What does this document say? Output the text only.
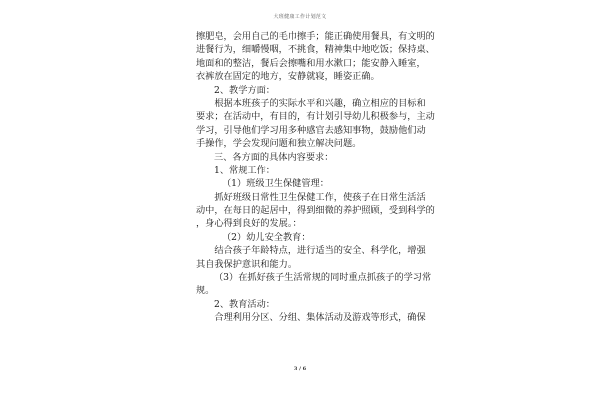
大班健康工作计划范文
擦肥皂，会用自己的毛巾擦手；能正确使用餐具，有文明的
进餐行为，细嚼慢咽，不挑食，精神集中地吃饭；保持桌、
地面和的整洁，餐后会擦嘴和用水漱口；能安静入睡室，
衣裤放在固定的地方，安静就寝，睡姿正确。
2、教学方面：
　　根据本班孩子的实际水平和兴趣，确立相应的目标和
要求；在活动中，有目的，有计划引导幼儿积极参与，主动
学习，引导他们学习用多种感官去感知事物，鼓励他们动
手操作，学会发现问题和独立解决问题。
三、各方面的具体内容要求：
1、常规工作：
（1）班级卫生保健管理：
　　抓好班级日常性卫生保健工作，使孩子在日常生活活
动中，在每日的起居中，得到细微的养护照顾，受到科学的
，身心得到良好的发展。：
（2）幼儿安全教育：
　　结合孩子年龄特点，进行适当的安全、科学化，增强
其自我保护意识和能力。
（3）在抓好孩子生活常规的同时重点抓孩子的学习常
规。
2、教育活动：
　　合理利用分区、分组、集体活动及游戏等形式，确保
3 / 6
